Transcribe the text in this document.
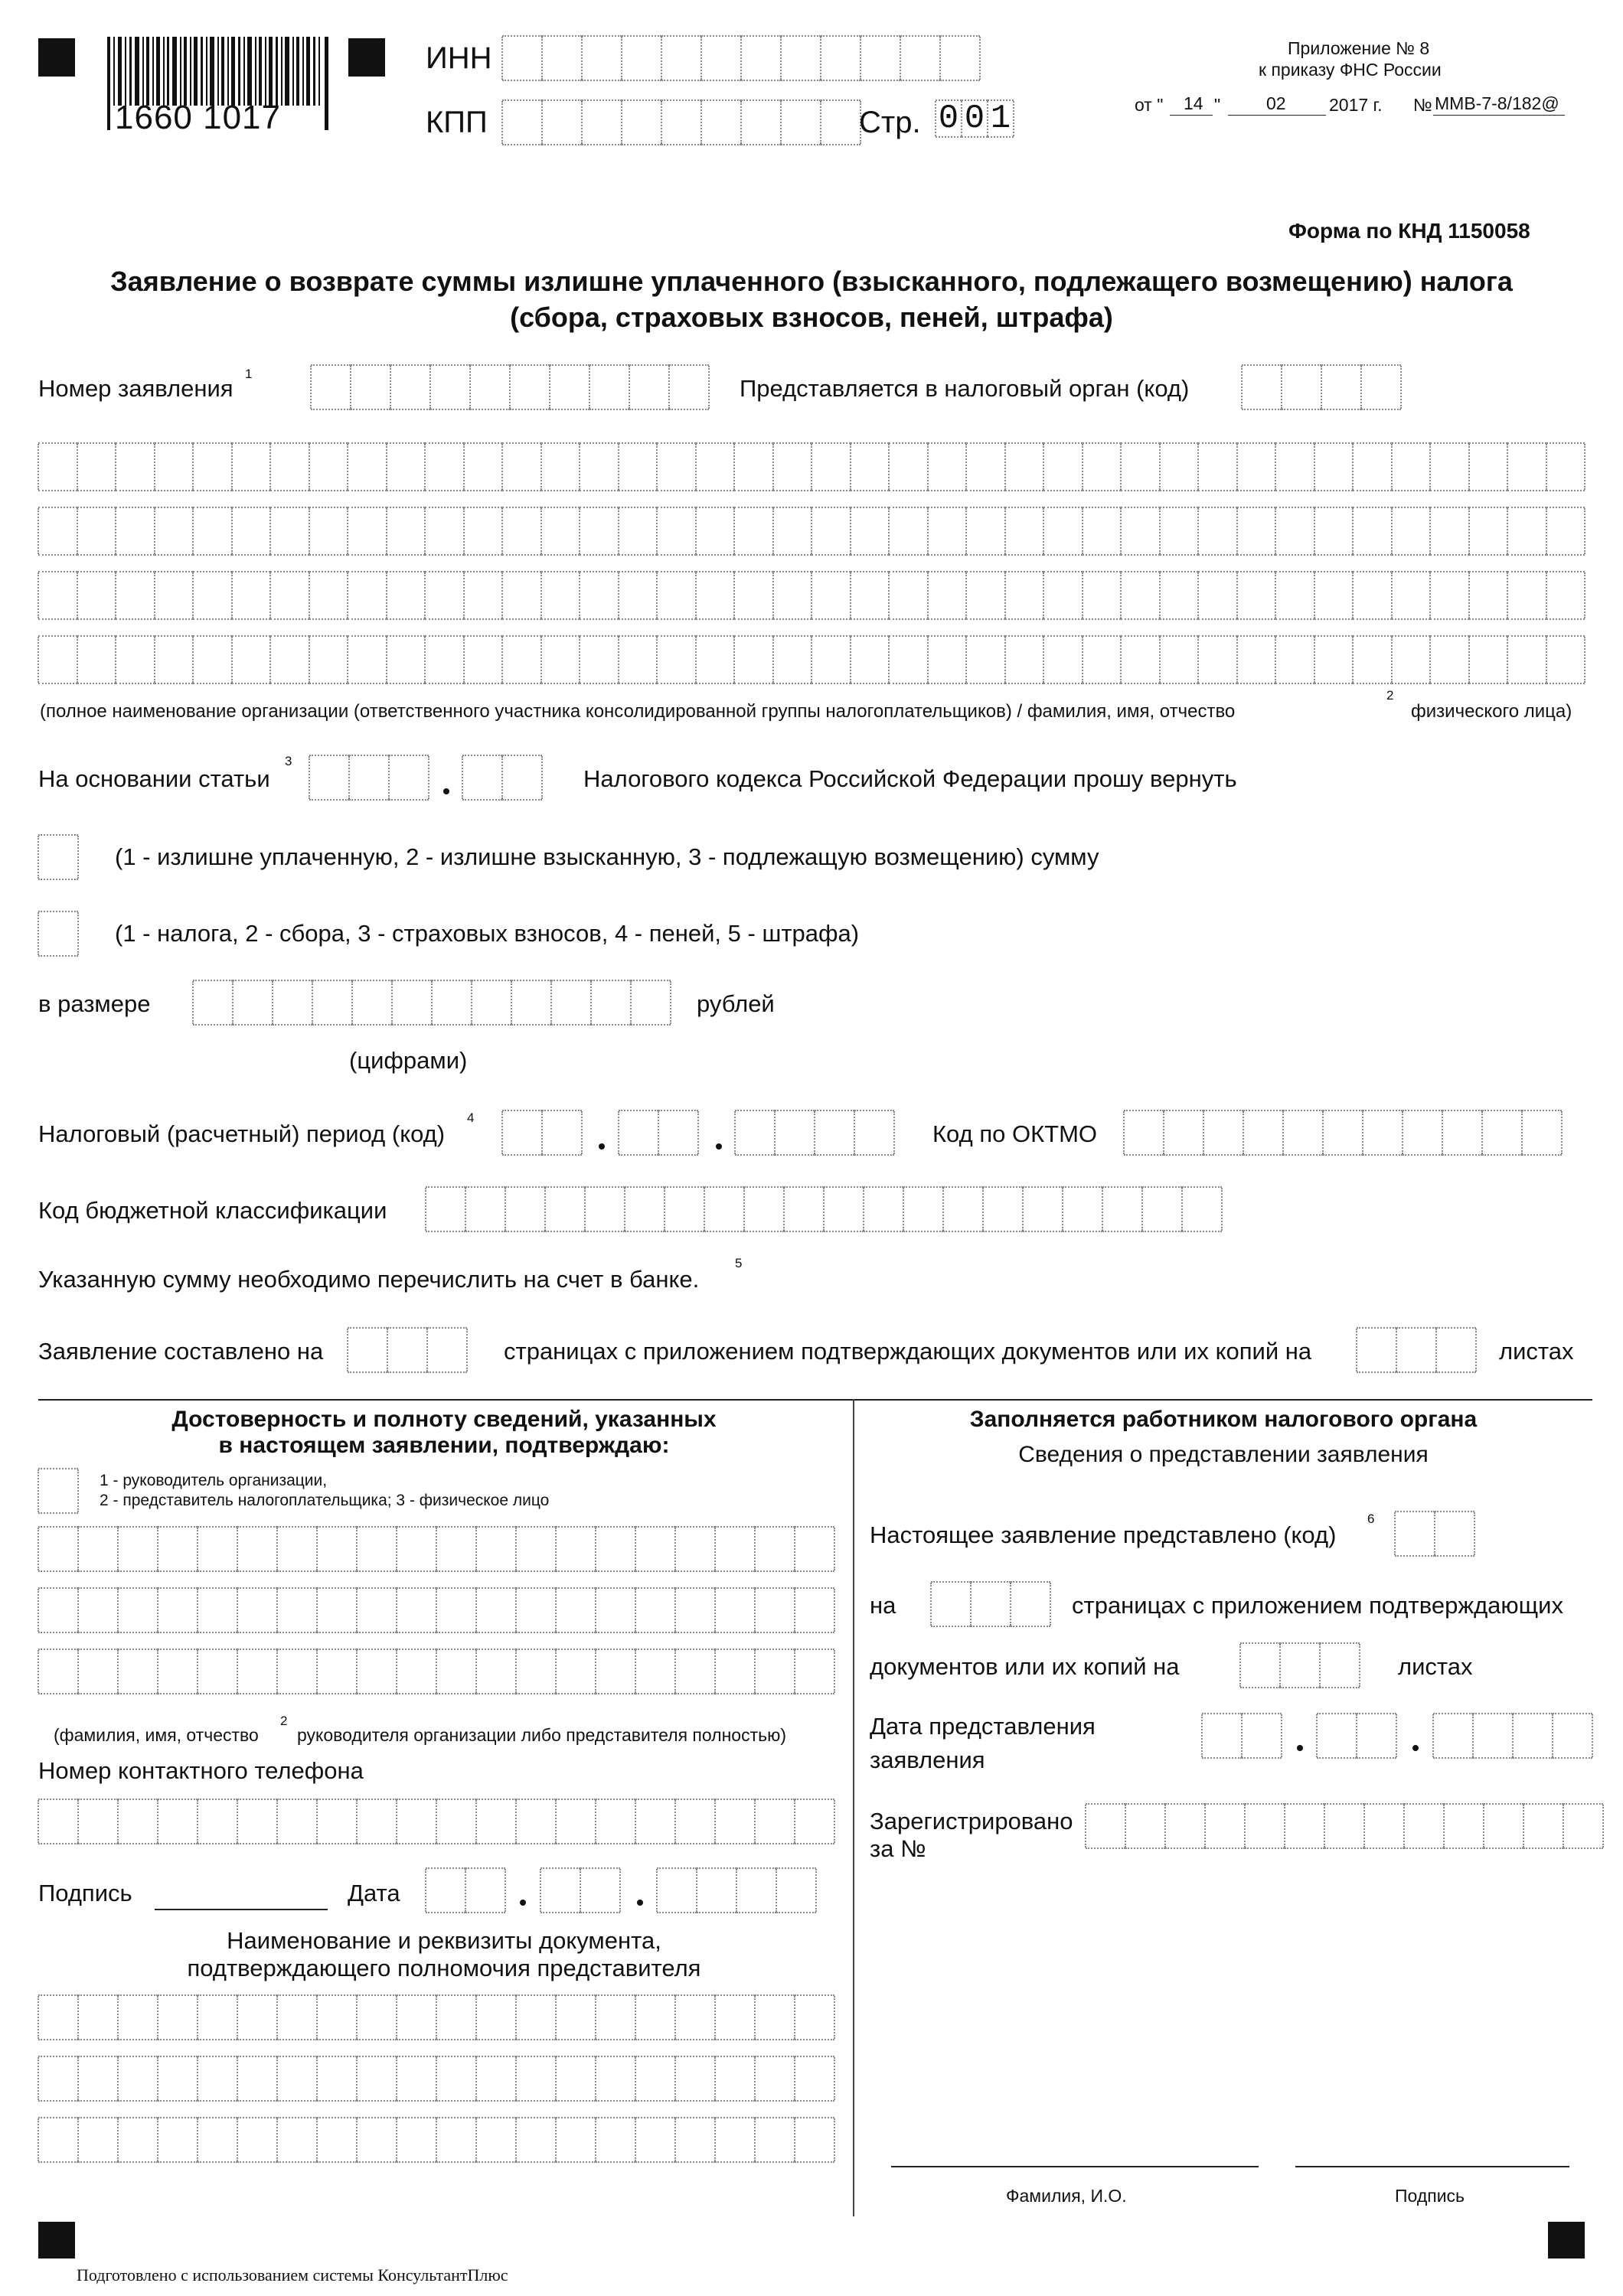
1660 1017
ИНН
КПП	Стр. 0 0 1
Приложение № 8
к приказу ФНС России
от " 14 "	02 2017 г. № ММВ-7-8/182@
Форма по КНД 1150058
Заявление о возврате суммы излишне уплаченного (взысканного, подлежащего возмещению) налога
(сбора, страховых взносов, пеней, штрафа)
Номер заявления
1
Представляется в налоговый орган (код)
(полное наименование организации (ответственного участника консолидированной группы налогоплательщиков) / фамилия, имя, отчество
2
физического лица)
На основании статьи
3
Налогового кодекса Российской Федерации прошу вернуть
(1 - излишне уплаченную, 2 - излишне взысканную, 3 - подлежащую возмещению) сумму
(1 - налога, 2 - сбора, 3 - страховых взносов, 4 - пеней, 5 - штрафа)
в размере	рублей
(цифрами)
Налоговый (расчетный) период (код)
4
Код по ОКТМО
Код бюджетной классификации
Указанную сумму необходимо перечислить на счет в банке.
5
Заявление составлено на	страницах с приложением подтверждающих документов или их копий на	листах
Достоверность и полноту сведений, указанных
в настоящем заявлении, подтверждаю:
1 - руководитель организации,
2 - представитель налогоплательщика; 3 - физическое лицо
(фамилия, имя, отчество
2
руководителя организации либо представителя полностью)
Номер контактного телефона
Подпись	Дата
Наименование и реквизиты документа,
подтверждающего полномочия представителя
Заполняется работником налогового органа
Сведения о представлении заявления
Настоящее заявление представлено (код)
6
на	страницах с приложением подтверждающих
документов или их копий на	листах
Дата представления
заявления
Зарегистрировано
за №
Фамилия, И.О.	Подпись
Подготовлено с использованием системы КонсультантПлюс
